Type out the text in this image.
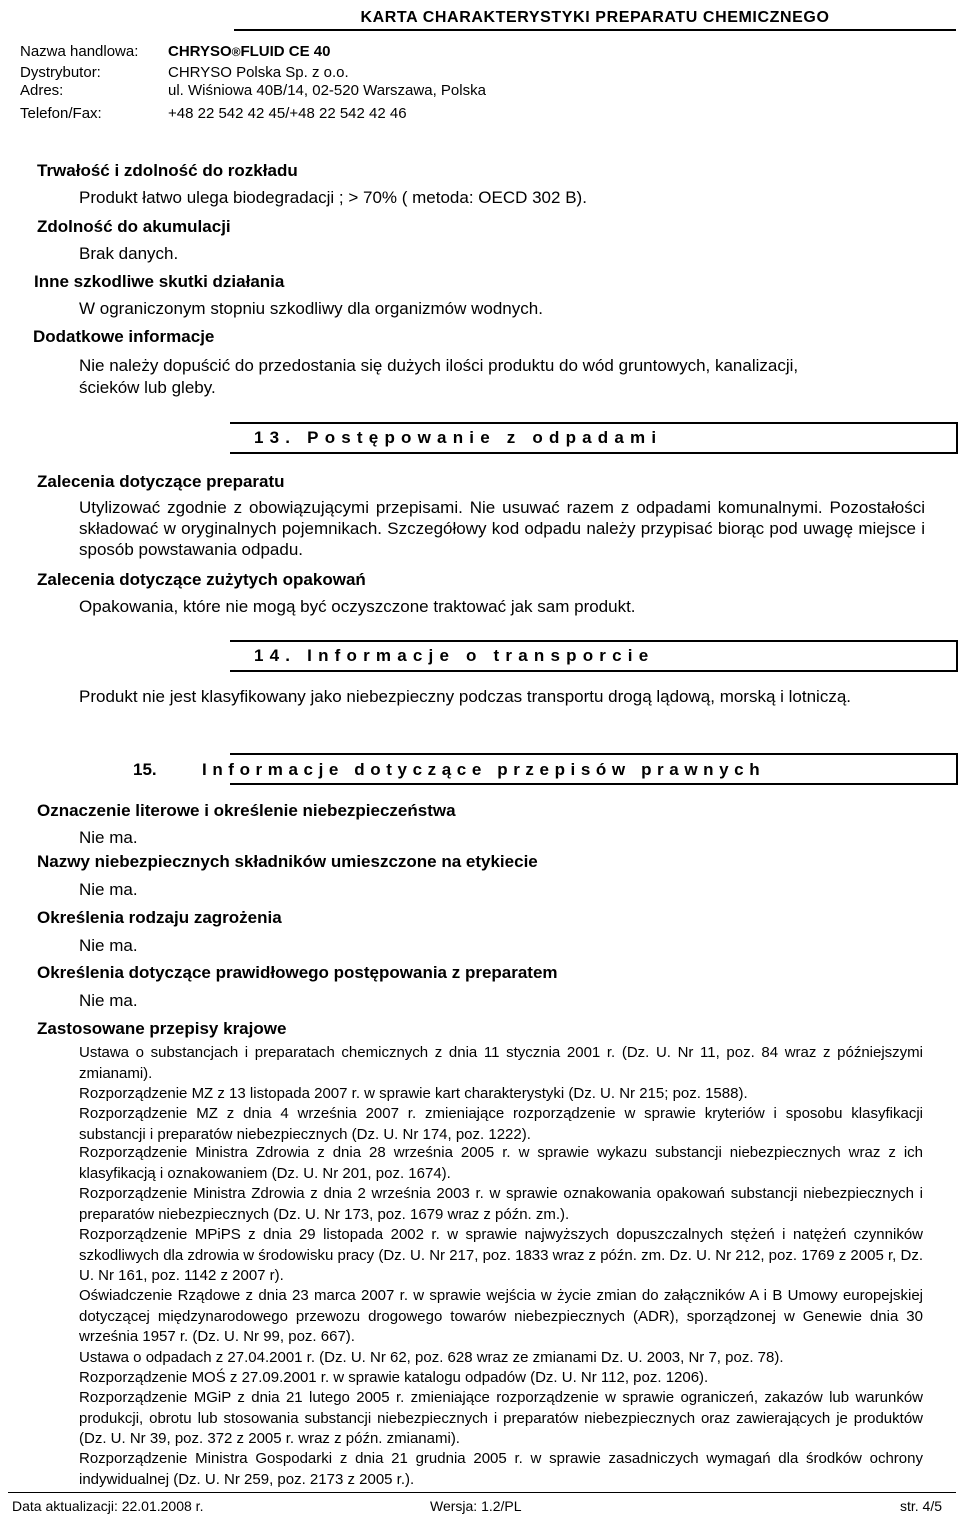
KARTA CHARAKTERYSTYKI PREPARATU CHEMICZNEGO
Nazwa handlowa:	CHRYSO®FLUID CE 40
Dystrybutor:	CHRYSO Polska Sp. z o.o.
Adres:	ul. Wiśniowa 40B/14, 02-520 Warszawa, Polska
Telefon/Fax:	+48 22 542 42 45/+48 22 542 42 46
Trwałość i zdolność do rozkładu
Produkt łatwo ulega biodegradacji ; > 70% ( metoda: OECD 302 B).
Zdolność do akumulacji
Brak danych.
Inne szkodliwe skutki działania
W ograniczonym stopniu szkodliwy dla organizmów wodnych.
Dodatkowe informacje
Nie należy dopuścić do przedostania się dużych ilości produktu do wód gruntowych, kanalizacji,
ścieków lub gleby.
13. Postępowanie z odpadami
Zalecenia dotyczące preparatu
Utylizować zgodnie z obowiązującymi przepisami. Nie usuwać razem z odpadami komunalnymi. Pozostałości składować w oryginalnych pojemnikach. Szczegółowy kod odpadu należy przypisać biorąc pod uwagę miejsce i sposób powstawania odpadu.
Zalecenia dotyczące zużytych opakowań
Opakowania, które nie mogą być oczyszczone traktować jak sam produkt.
14. Informacje o transporcie
Produkt nie jest klasyfikowany jako niebezpieczny podczas transportu drogą lądową, morską i lotniczą.
15.	Informacje dotyczące przepisów prawnych
Oznaczenie literowe i określenie niebezpieczeństwa
Nie ma.
Nazwy niebezpiecznych składników umieszczone na etykiecie
Nie ma.
Określenia rodzaju zagrożenia
Nie ma.
Określenia dotyczące prawidłowego postępowania z preparatem
Nie ma.
Zastosowane przepisy krajowe
Ustawa o substancjach i preparatach chemicznych z dnia 11 stycznia 2001 r. (Dz. U. Nr 11, poz. 84 wraz z późniejszymi zmianami).
Rozporządzenie MZ z 13 listopada 2007 r. w sprawie kart charakterystyki (Dz. U. Nr 215; poz. 1588).
Rozporządzenie MZ z dnia 4 września 2007 r. zmieniające rozporządzenie w sprawie kryteriów i sposobu klasyfikacji substancji i preparatów niebezpiecznych (Dz. U. Nr 174, poz. 1222).
Rozporządzenie Ministra Zdrowia z dnia 28 września 2005 r. w sprawie wykazu substancji niebezpiecznych wraz z ich klasyfikacją i oznakowaniem (Dz. U. Nr 201, poz. 1674).
Rozporządzenie Ministra Zdrowia z dnia 2 września 2003 r. w sprawie oznakowania opakowań substancji niebezpiecznych i preparatów niebezpiecznych (Dz. U. Nr 173, poz. 1679 wraz z późn. zm.).
Rozporządzenie MPiPS z dnia 29 listopada 2002 r. w sprawie najwyższych dopuszczalnych stężeń i natężeń czynników szkodliwych dla zdrowia w środowisku pracy (Dz. U. Nr 217, poz. 1833 wraz z późn. zm. Dz. U. Nr 212, poz. 1769 z 2005 r, Dz. U. Nr 161, poz. 1142 z 2007 r).
Oświadczenie Rządowe z dnia 23 marca 2007 r. w sprawie wejścia w życie zmian do załączników A i B Umowy europejskiej dotyczącej międzynarodowego przewozu drogowego towarów niebezpiecznych (ADR), sporządzonej w Genewie dnia 30 września 1957 r. (Dz. U. Nr 99, poz. 667).
Ustawa o odpadach z 27.04.2001 r. (Dz. U. Nr 62, poz. 628 wraz ze zmianami Dz. U. 2003, Nr 7, poz. 78).
Rozporządzenie MOŚ z 27.09.2001 r. w sprawie katalogu odpadów (Dz. U. Nr 112, poz. 1206).
Rozporządzenie MGiP z dnia 21 lutego 2005 r. zmieniające rozporządzenie w sprawie ograniczeń, zakazów lub warunków produkcji, obrotu lub stosowania substancji niebezpiecznych i preparatów niebezpiecznych oraz zawierających je produktów (Dz. U. Nr 39, poz. 372 z 2005 r. wraz z późn. zmianami).
Rozporządzenie Ministra Gospodarki z dnia 21 grudnia 2005 r. w sprawie zasadniczych wymagań dla środków ochrony indywidualnej (Dz. U. Nr 259, poz. 2173 z 2005 r.).
Data aktualizacji: 22.01.2008 r.	Wersja: 1.2/PL	str. 4/5
